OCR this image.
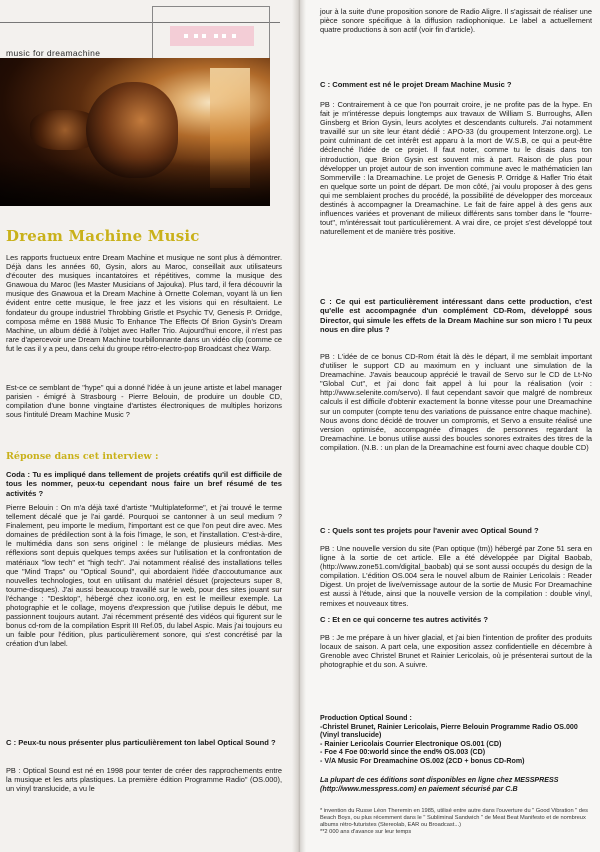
music for dreamachine
Dream Machine Music

Les rapports fructueux entre Dream Machine et musique ne sont plus à démontrer. Déjà dans les années 60, Gysin, alors au Maroc, conseillait aux utilisateurs d'écouter des musiques incantatoires et répétitives, comme la musique des Gnawoua du Maroc (les Master Musicians of Jajouka). Plus tard, il fera découvrir la musique des Gnawoua et la Dream Machine à Ornette Coleman, voyant là un lien évident entre cette musique, le free jazz et les visions qui en résultaient. Le fondateur du groupe industriel Throbbing Gristle et Psychic TV, Genesis P. Orridge, composa même en 1988 Music To Enhance The Effects Of Brion Gysin's Dream Machine, un album dédié à l'objet avec Hafler Trio. Aujourd'hui encore, il n'est pas rare d'apercevoir une Dream Machine tourbillonnante dans un vidéo clip (comme ce fut le cas il y a peu, dans celui du groupe rétro-electro-pop Broadcast chez Warp.

Est-ce ce semblant de "hype" qui a donné l'idée à un jeune artiste et label manager parisien - émigré à Strasbourg - Pierre Belouin, de produire un double CD, compilation d'une bonne vingtaine d'artistes électroniques de multiples horizons sous l'intitulé Dream Machine Music ?

Réponse dans cet interview :

Coda : Tu es impliqué dans tellement de projets créatifs qu'il est difficile de tous les nommer, peux-tu cependant nous faire un bref résumé de tes activités ?

Pierre Belouin : On m'a déjà taxé d'artiste "Multiplateforme", et j'ai trouvé le terme tellement décalé que je l'ai gardé. Pourquoi se cantonner à un seul medium ? Finalement, peu importe le medium, l'important est ce que l'on peut dire avec. Mes domaines de prédilection sont à la fois l'image, le son, et l'installation. C'est-à-dire, le multimédia dans son sens originel : le mélange de plusieurs médias. Mes réflexions sont depuis quelques temps axées sur l'utilisation et la confrontation de matériaux "low tech" et "high tech". J'ai notamment réalisé des installations telles que "Mind Traps" ou "Optical Sound", qui abordaient l'idée d'accoutumance aux nouvelles technologies, tout en utilisant du matériel désuet (projecteurs super 8, tourne-disques). J'ai aussi beaucoup travaillé sur le web, pour des sites jouant sur l'échange : "Desktop", hébergé chez icono.org, en est le meilleur exemple. La photographie et le collage, moyens d'expression que j'utilise depuis le début, me passionnent toujours autant. J'ai récemment présenté des vidéos qui figurent sur le bonus cd-rom de la compilation Esprit III Ref.05, du label Aspic. Mais j'ai toujours eu un faible pour l'édition, plus particulièrement sonore, qui s'est concrétisé par la création d'un label.

C : Peux-tu nous présenter plus particulièrement ton label Optical Sound ?

PB : Optical Sound est né en 1998 pour tenter de créer des rapprochements entre la musique et les arts plastiques. La première édition Programme Radio" (OS.000), un vinyl translucide, a vu le

jour à la suite d'une proposition sonore de Radio Aligre. Il s'agissait de réaliser une pièce sonore spécifique à la diffusion radiophonique. Le label a actuellement quatre productions à son actif (voir fin d'article).

C : Comment est né le projet Dream Machine Music ?

PB : Contrairement à ce que l'on pourrait croire, je ne profite pas de la hype. En fait je m'intéresse depuis longtemps aux travaux de William S. Burroughs, Allen Ginsberg et Brion Gysin, leurs acolytes et descendants culturels. J'ai notamment travaillé sur un site leur étant dédié : APO-33 (du groupement Interzone.org). Le point culminant de cet intérêt est apparu à la mort de W.S.B, ce qui a peut-être déclenché l'idée de ce projet. Il faut noter, comme tu le disais dans ton introduction, que Brion Gysin est souvent mis à part. Raison de plus pour développer un projet autour de son invention commune avec le mathématicien Ian Sommerville : la Dreamachine. Le projet de Genesis P. Orridge & Hafler Trio était en quelque sorte un point de départ. De mon côté, j'ai voulu proposer à des gens qui me semblaient proches du procédé, la possibilité de développer des morceaux destinés à accompagner la Dreamachine. Le fait de faire appel à des gens aux influences variées et provenant de milieux différents sans tomber dans le "fourre-tout", m'intéressait tout particulièrement. A vrai dire, ce projet s'est développé tout naturellement et de manière très positive.

C : Ce qui est particulièrement intéressant dans cette production, c'est qu'elle est accompagnée d'un complément CD-Rom, développé sous Director, qui simule les effets de la Dream Machine sur son micro ! Tu peux nous en dire plus ?

PB : L'idée de ce bonus CD-Rom était là dès le départ, il me semblait important d'utiliser le support CD au maximum en y incluant une simulation de la Dreamachine. J'avais beaucoup apprécié le travail de Servo sur le CD de Lt-No "Global Cut", et j'ai donc fait appel à lui pour la réalisation (voir : http://www.selenite.com/servo). Il faut cependant savoir que malgré de nombreux calculs il est difficile d'obtenir exactement la bonne vitesse pour une Dreamachine sur un computer (compte tenu des variations de puissance entre chaque machine). Nous avons donc décidé de trouver un compromis, et Servo a ensuite réalisé une version optimisée, accompagnée d'images de personnes regardant la Dreamachine. Le bonus utilise aussi des boucles sonores extraites des titres de la compilation. (N.B. : un plan de la Dreamachine est fourni avec chaque double CD)

C : Quels sont tes projets pour l'avenir avec Optical Sound ?

PB : Une nouvelle version du site (Pan optique (tm)) hébergé par Zone 51 sera en ligne à la sortie de cet article. Elle a été développée par Digital Baobab, (http://www.zone51.com/digital_baobab) qui se sont aussi occupés du design de la compilation. L'édition OS.004 sera le nouvel album de Rainier Lericolais : Reader Digest. Un projet de live/vernissage autour de la sortie de Music For Dreamachine est aussi à l'étude, ainsi que la nouvelle version de la compilation : double vinyl, remixes et nouveaux titres.

C : Et en ce qui concerne tes autres activités ?

PB : Je me prépare à un hiver glacial, et j'ai bien l'intention de profiter des produits locaux de saison. A part cela, une exposition assez confidentielle en décembre à Grenoble avec Christel Brunet et Rainier Lericolais, où je présenterai surtout de la photographie et du son. A suivre.

Production Optical Sound :
-Christel Brunet, Rainier Lericolais, Pierre Belouin Programme Radio OS.000 (Vinyl translucide)
- Rainier Lericolais Courrier Electronique OS.001 (CD)
- Foe 4 Foe 00:world since the end% OS.003 (CD)
- V/A Music For Dreamachine OS.002 (2CD + bonus CD-Rom)
La plupart de ces éditions sont disponibles en ligne chez MESSPRESS (http://www.messpress.com) en paiement sécurisé par C.B
* invention du Russe Léon Theremin en 1985, utilisé entre autre dans l'ouverture du " Good Vibration " des Beach Boys, ou plus récemment dans le " Subliminal Sandwich " de Meat Beat Manifesto et de nombreux albums rétro-futuristes (Stereolab, EAR ou Broadcast...)
**2 000 ans d'avance sur leur temps
